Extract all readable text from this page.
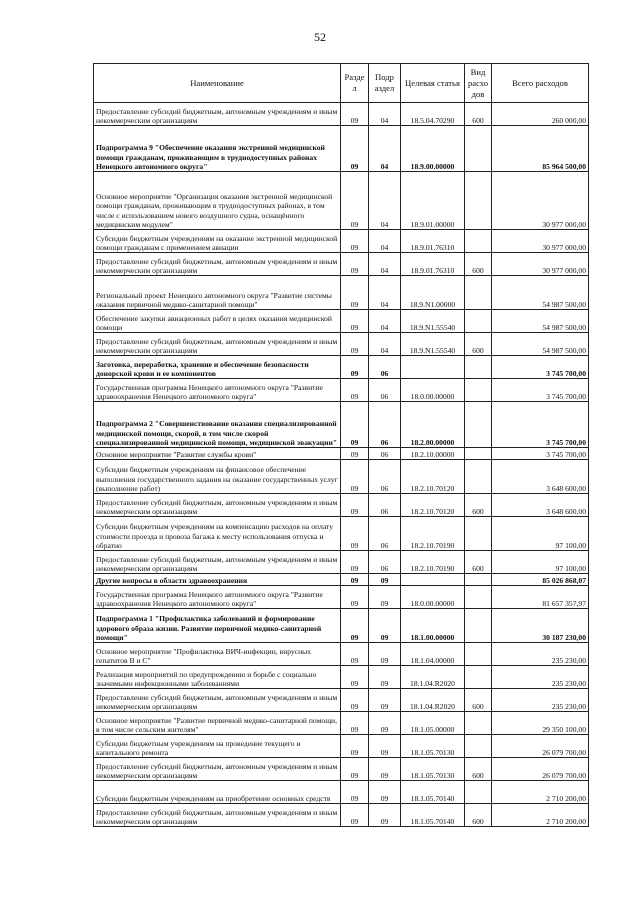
52
Наименование	Разде л	Подр аздел	Целевая статья	Вид расхо дов	Всего расходов
Предоставление субсидий бюджетным, автономным учреждениям и иным некоммерческим организациям	09	04	18.5.04.70290	600	260 000,00
Подпрограмма 9 "Обеспечение оказания экстренной медицинской помощи гражданам, проживающим в труднодоступных районах Ненецкого автономного округа"	09	04	18.9.00.00000		85 964 500,00
Основное мероприятие "Организация оказания экстренной медицинской помощи гражданам, проживающим в труднодоступных районах, в том числе с использованием нового воздушного судна, оснащённого медицинским модулем"	09	04	18.9.01.00000		30 977 000,00
Субсидии бюджетным учреждениям на оказание экстренной медицинской помощи гражданам с применением авиации	09	04	18.9.01.76310		30 977 000,00
Предоставление субсидий бюджетным, автономным учреждениям и иным некоммерческим организациям	09	04	18.9.01.76310	600	30 977 000,00
Региональный проект Ненецкого автономного округа "Развитие системы оказания первичной медико-санитарной помощи"	09	04	18.9.N1.00000		54 987 500,00
Обеспечение закупки авиационных работ в целях оказания медицинской помощи	09	04	18.9.N1.55540		54 987 500,00
Предоставление субсидий бюджетным, автономным учреждениям и иным некоммерческим организациям	09	04	18.9.N1.55540	600	54 987 500,00
Заготовка, переработка, хранение и обеспечение безопасности донорской крови и ее компонентов	09	06			3 745 700,00
Государственная программа Ненецкого автономного округа "Развитие здравоохранения Ненецкого автономного округа"	09	06	18.0.00.00000		3 745 700,00
Подпрограмма 2 "Совершенствование оказания специализированной медицинской помощи, скорой, в том числе скорой специализированной медицинской помощи, медицинской эвакуации"	09	06	18.2.00.00000		3 745 700,00
Основное мероприятие "Развитие службы крови"	09	06	18.2.10.00000		3 745 700,00
Субсидии бюджетным учреждениям на финансовое обеспечение выполнения государственного задания на оказание государственных услуг (выполнение работ)	09	06	18.2.10.70120		3 648 600,00
Предоставление субсидий бюджетным, автономным учреждениям и иным некоммерческим организациям	09	06	18.2.10.70120	600	3 648 600,00
Субсидии бюджетным учреждениям на компенсацию расходов на оплату стоимости проезда и провоза багажа к месту использования отпуска и обратно	09	06	18.2.10.70190		97 100,00
Предоставление субсидий бюджетным, автономным учреждениям и иным некоммерческим организациям	09	06	18.2.10.70190	600	97 100,00
Другие вопросы в области здравоохранения	09	09			85 026 868,07
Государственная программа Ненецкого автономного округа "Развитие здравоохранения Ненецкого автономного округа"	09	09	18.0.00.00000		81 657 357,97
Подпрограмма 1 "Профилактика заболеваний и формирование здорового образа жизни. Развитие первичной медико-санитарной помощи"	09	09	18.1.00.00000		30 187 230,00
Основное мероприятие "Профилактика ВИЧ-инфекции, вирусных гепатитов В и С"	09	09	18.1.04.00000		235 230,00
Реализация мероприятий по предупреждению и борьбе с социально значимыми инфекционными заболеваниями	09	09	18.1.04.R2020		235 230,00
Предоставление субсидий бюджетным, автономным учреждениям и иным некоммерческим организациям	09	09	18.1.04.R2020	600	235 230,00
Основное мероприятие "Развитие первичной медико-санитарной помощи, в том числе сельским жителям"	09	09	18.1.05.00000		29 350 100,00
Субсидии бюджетным учреждениям на проведение текущего и капитального ремонта	09	09	18.1.05.70130		26 079 700,00
Предоставление субсидий бюджетным, автономным учреждениям и иным некоммерческим организациям	09	09	18.1.05.70130	600	26 079 700,00
Субсидии бюджетным учреждениям на приобретение основных средств	09	09	18.1.05.70140		2 710 200,00
Предоставление субсидий бюджетным, автономным учреждениям и иным некоммерческим организациям	09	09	18.1.05.70140	600	2 710 200,00
